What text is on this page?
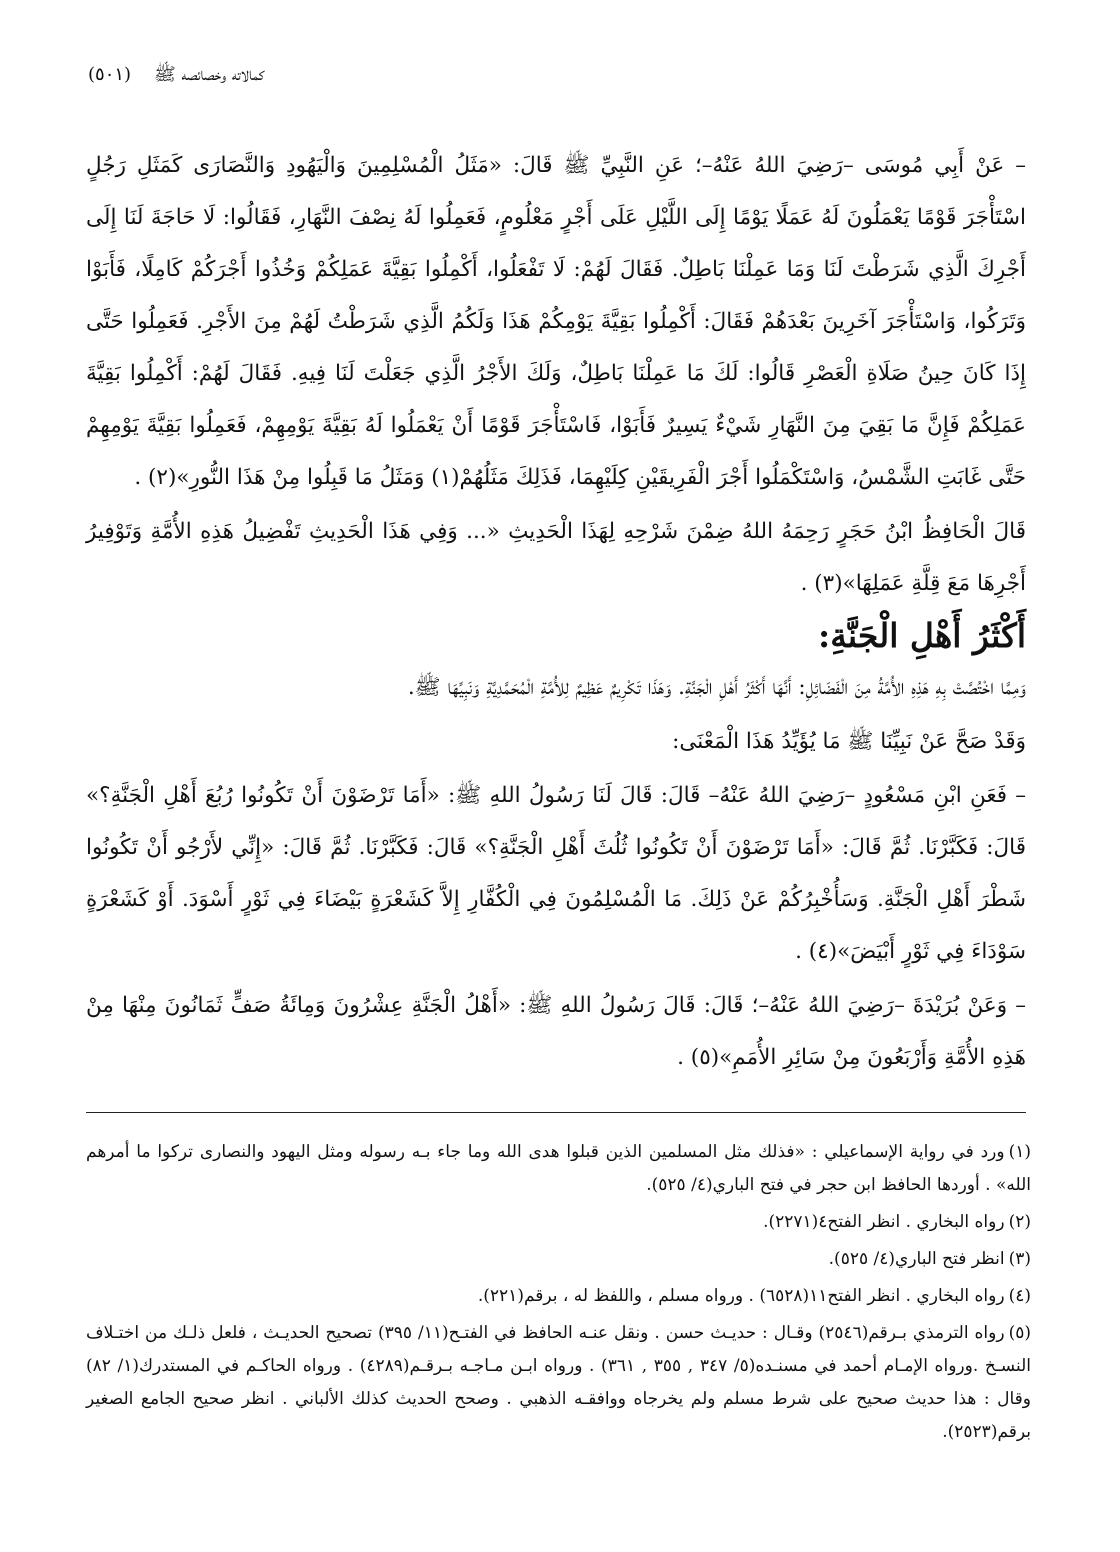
كمالاته وخصائصه ﷺ    (٥٠١)

– عَنْ أَبِي مُوسَى –رَضِيَ اللهُ عَنْهُ–؛ عَنِ النَّبِيِّ ﷺ قَالَ: «مَثَلُ الْمُسْلِمِينَ وَالْيَهُودِ وَالنَّصَارَى كَمَثَلِ رَجُلٍ اسْتَأْجَرَ قَوْمًا يَعْمَلُونَ لَهُ عَمَلًا يَوْمًا إِلَى اللَّيْلِ عَلَى أَجْرٍ مَعْلُومٍ، فَعَمِلُوا لَهُ نِصْفَ النَّهَارِ، فَقَالُوا: لَا حَاجَةَ لَنَا إِلَى أَجْرِكَ الَّذِي شَرَطْتَ لَنَا وَمَا عَمِلْنَا بَاطِلٌ. فَقَالَ لَهُمْ: لَا تَفْعَلُوا، أَكْمِلُوا بَقِيَّةَ عَمَلِكُمْ وَخُذُوا أَجْرَكُمْ كَامِلًا، فَأَبَوْا وَتَرَكُوا، وَاسْتَأْجَرَ آخَرِينَ بَعْدَهُمْ فَقَالَ: أَكْمِلُوا بَقِيَّةَ يَوْمِكُمْ هَذَا وَلَكُمُ الَّذِي شَرَطْتُ لَهُمْ مِنَ الأَجْرِ. فَعَمِلُوا حَتَّى إِذَا كَانَ حِينُ صَلَاةِ الْعَصْرِ قَالُوا: لَكَ مَا عَمِلْنَا بَاطِلٌ، وَلَكَ الأَجْرُ الَّذِي جَعَلْتَ لَنَا فِيهِ. فَقَالَ لَهُمْ: أَكْمِلُوا بَقِيَّةَ عَمَلِكُمْ فَإِنَّ مَا بَقِيَ مِنَ النَّهَارِ شَيْءٌ يَسِيرٌ فَأَبَوْا، فَاسْتَأْجَرَ قَوْمًا أَنْ يَعْمَلُوا لَهُ بَقِيَّةَ يَوْمِهِمْ، فَعَمِلُوا بَقِيَّةَ يَوْمِهِمْ حَتَّى غَابَتِ الشَّمْسُ، وَاسْتَكْمَلُوا أَجْرَ الْفَرِيقَيْنِ كِلَيْهِمَا، فَذَلِكَ مَثَلُهُمْ(١) وَمَثَلُ مَا قَبِلُوا مِنْ هَذَا النُّورِ»(٢) .

قَالَ الْحَافِظُ ابْنُ حَجَرٍ رَحِمَهُ اللهُ ضِمْنَ شَرْحِهِ لِهَذَا الْحَدِيثِ «... وَفِي هَذَا الْحَدِيثِ تَفْضِيلُ هَذِهِ الأُمَّةِ وَتَوْفِيرُ أَجْرِهَا مَعَ قِلَّةِ عَمَلِهَا»(٣) .

أَكْثَرُ أَهْلِ الْجَنَّةِ:

وَمِمَّا اخْتُصَّتْ بِهِ هَذِهِ الأُمَّةُ مِنَ الْفَضَائِلِ: أَنَّهَا أَكْثَرُ أَهْلِ الْجَنَّةِ. وَهَذَا تَكْرِيمٌ عَظِيمٌ لِلأُمَّةِ الْمُحَمَّدِيَّةِ وَنَبِيِّهَا ﷺ.

وَقَدْ صَحَّ عَنْ نَبِيِّنَا ﷺ مَا يُؤَيِّدُ هَذَا الْمَعْنَى:

– فَعَنِ ابْنِ مَسْعُودٍ –رَضِيَ اللهُ عَنْهُ– قَالَ: قَالَ لَنَا رَسُولُ اللهِ ﷺ: «أَمَا تَرْضَوْنَ أَنْ تَكُونُوا رُبُعَ أَهْلِ الْجَنَّةِ؟» قَالَ: فَكَبَّرْنَا. ثُمَّ قَالَ: «أَمَا تَرْضَوْنَ أَنْ تَكُونُوا ثُلُثَ أَهْلِ الْجَنَّةِ؟» قَالَ: فَكَبَّرْنَا. ثُمَّ قَالَ: «إِنِّي لأَرْجُو أَنْ تَكُونُوا شَطْرَ أَهْلِ الْجَنَّةِ. وَسَأُخْبِرُكُمْ عَنْ ذَلِكَ. مَا الْمُسْلِمُونَ فِي الْكُفَّارِ إِلاَّ كَشَعْرَةٍ بَيْضَاءَ فِي ثَوْرٍ أَسْوَدَ. أَوْ كَشَعْرَةٍ سَوْدَاءَ فِي ثَوْرٍ أَبْيَضَ»(٤) .

– وَعَنْ بُرَيْدَةَ –رَضِيَ اللهُ عَنْهُ–؛ قَالَ: قَالَ رَسُولُ اللهِ ﷺ: «أَهْلُ الْجَنَّةِ عِشْرُونَ وَمِائَةُ صَفٍّ ثَمَانُونَ مِنْهَا مِنْ هَذِهِ الأُمَّةِ وَأَرْبَعُونَ مِنْ سَائِرِ الأُمَمِ»(٥) .

(١)ورد في رواية الإسماعيلي : «فذلك مثل المسلمين الذين قبلوا هدى الله وما جاء بـه رسوله ومثل اليهود والنصارى تركوا ما أمرهم الله» . أوردها الحافظ ابن حجر في فتح الباري(٤/ ٥٢٥).

(٢)رواه البخاري . انظر الفتح٤(٢٢٧١).

(٣)انظر فتح الباري(٤/ ٥٢٥).

(٤)رواه البخاري . انظر الفتح١١(٦٥٢٨) . ورواه مسلم ، واللفظ له ، برقم(٢٢١).

(٥)رواه الترمذي بـرقم(٢٥٤٦) وقـال : حديـث حسن . ونقل عنـه الحافظ في الفتـح(١١/ ٣٩٥) تصحيح الحديـث ، فلعل ذلـك من اختـلاف النسـخ .ورواه الإمـام أحمد في مسنـده(٥/ ٣٤٧ , ٣٥٥ , ٣٦١) . ورواه ابـن مـاجـه بـرقـم(٤٢٨٩) . ورواه الحاكـم في المستدرك(١/ ٨٢) وقال : هذا حديث صحيح على شرط مسلم ولم يخرجاه ووافقـه الذهبي . وصحح الحديث كذلك الألباني . انظر صحيح الجامع الصغير برقم(٢٥٢٣).
